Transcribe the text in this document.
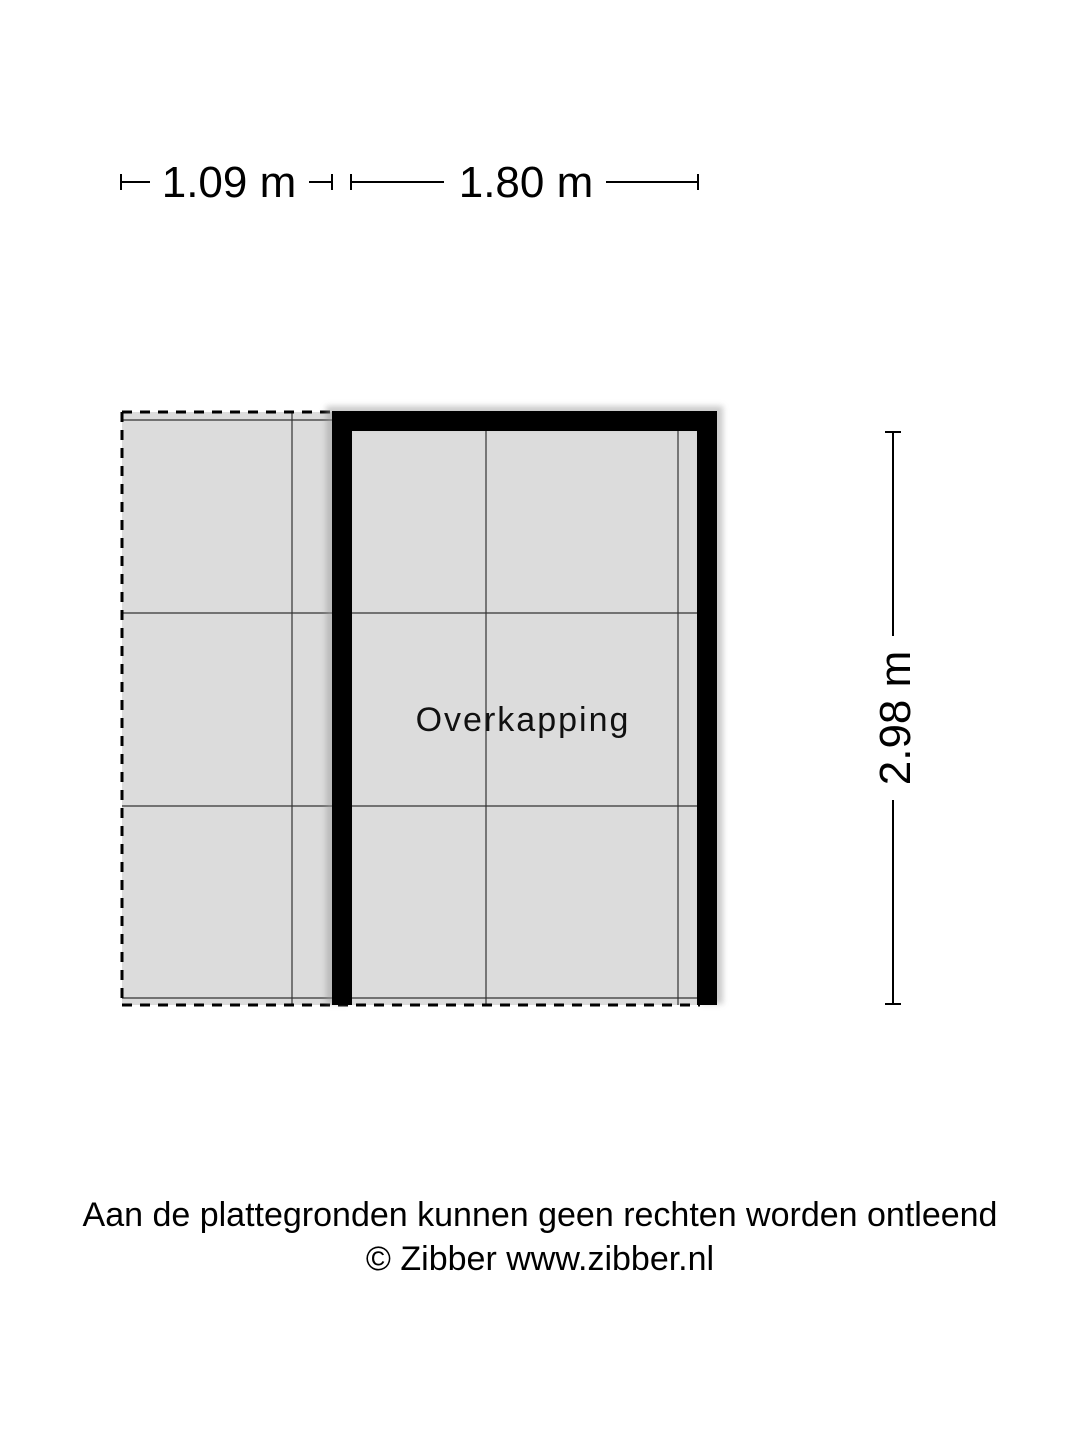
1.09 m	1.80 m
2.98 m
Overkapping
Aan de plattegronden kunnen geen rechten worden ontleend
© Zibber www.zibber.nl
